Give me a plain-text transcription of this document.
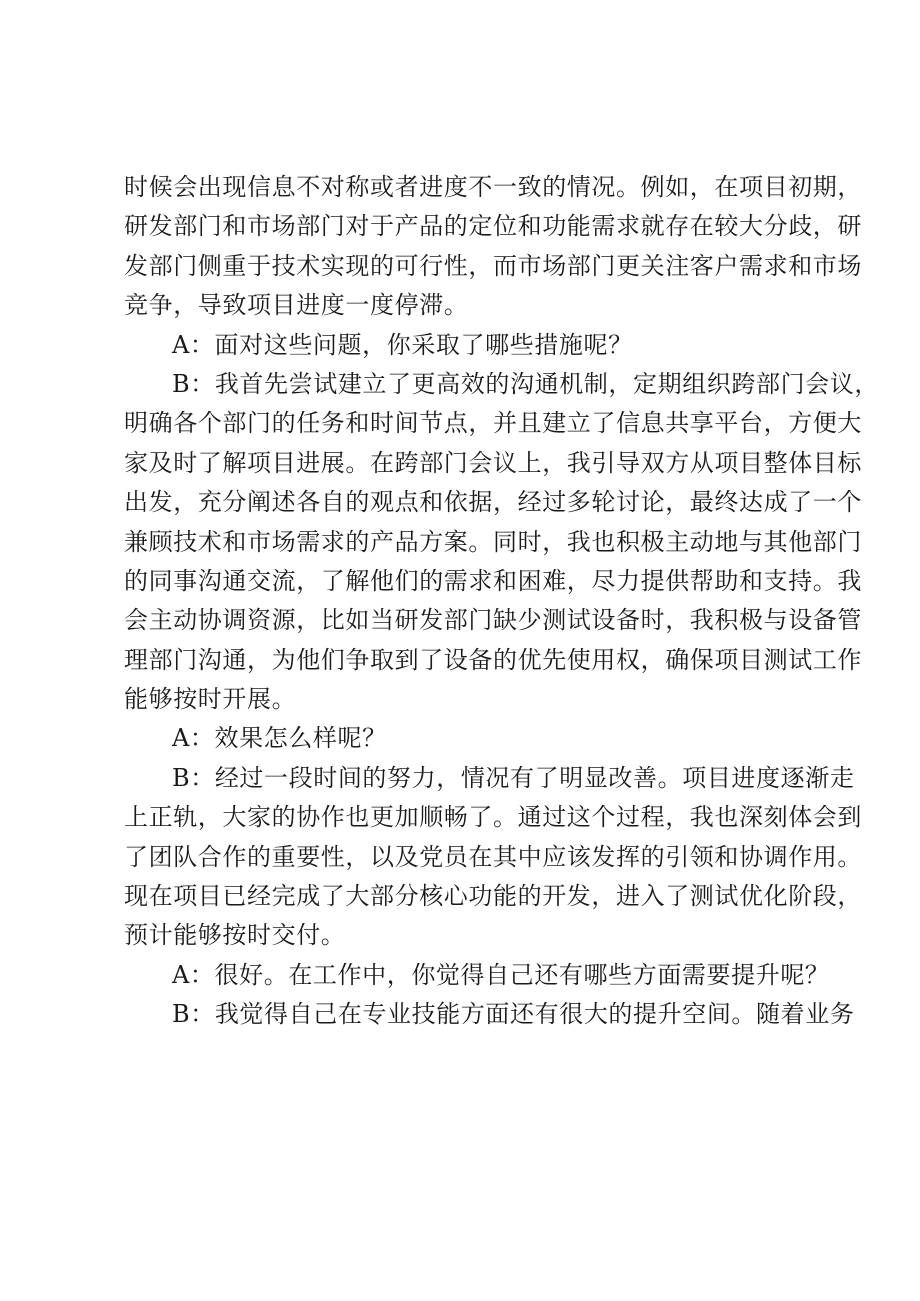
时候会出现信息不对称或者进度不一致的情况。例如，在项目初期，
研发部门和市场部门对于产品的定位和功能需求就存在较大分歧，研
发部门侧重于技术实现的可行性，而市场部门更关注客户需求和市场
竞争，导致项目进度一度停滞。
A：面对这些问题，你采取了哪些措施呢？
B：我首先尝试建立了更高效的沟通机制，定期组织跨部门会议，
明确各个部门的任务和时间节点，并且建立了信息共享平台，方便大
家及时了解项目进展。在跨部门会议上，我引导双方从项目整体目标
出发，充分阐述各自的观点和依据，经过多轮讨论，最终达成了一个
兼顾技术和市场需求的产品方案。同时，我也积极主动地与其他部门
的同事沟通交流，了解他们的需求和困难，尽力提供帮助和支持。我
会主动协调资源，比如当研发部门缺少测试设备时，我积极与设备管
理部门沟通，为他们争取到了设备的优先使用权，确保项目测试工作
能够按时开展。
A：效果怎么样呢？
B：经过一段时间的努力，情况有了明显改善。项目进度逐渐走
上正轨，大家的协作也更加顺畅了。通过这个过程，我也深刻体会到
了团队合作的重要性，以及党员在其中应该发挥的引领和协调作用。
现在项目已经完成了大部分核心功能的开发，进入了测试优化阶段，
预计能够按时交付。
A：很好。在工作中，你觉得自己还有哪些方面需要提升呢？
B：我觉得自己在专业技能方面还有很大的提升空间。随着业务
